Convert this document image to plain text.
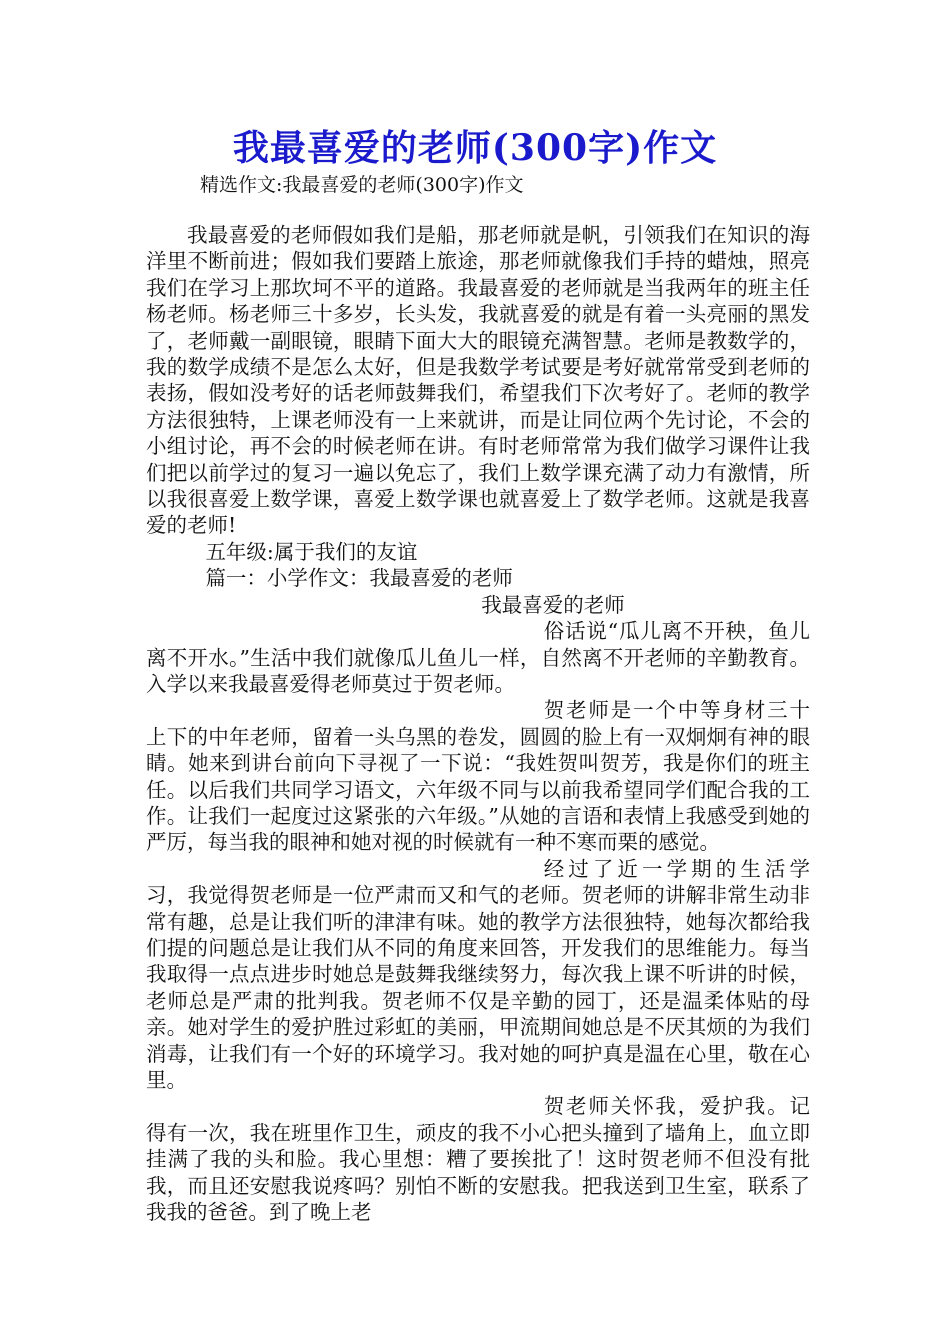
我最喜爱的老师(300字)作文
精选作文:我最喜爱的老师(300字)作文

我最喜爱的老师假如我们是船，那老师就是帆，引领我们在知识的海洋里不断前进；假如我们要踏上旅途，那老师就像我们手持的蜡烛，照亮我们在学习上那坎坷不平的道路。我最喜爱的老师就是当我两年的班主任杨老师。杨老师三十多岁，长头发，我就喜爱的就是有着一头亮丽的黑发了，老师戴一副眼镜，眼睛下面大大的眼镜充满智慧。老师是教数学的，我的数学成绩不是怎么太好，但是我数学考试要是考好就常常受到老师的表扬，假如没考好的话老师鼓舞我们，希望我们下次考好了。老师的教学方法很独特，上课老师没有一上来就讲，而是让同位两个先讨论，不会的小组讨论，再不会的时候老师在讲。有时老师常常为我们做学习课件让我们把以前学过的复习一遍以免忘了，我们上数学课充满了动力有激情，所以我很喜爱上数学课，喜爱上数学课也就喜爱上了数学老师。这就是我喜爱的老师!

五年级:属于我们的友谊

篇一：小学作文：我最喜爱的老师

我最喜爱的老师

俗话说“瓜儿离不开秧，鱼儿离不开水。”生活中我们就像瓜儿鱼儿一样，自然离不开老师的辛勤教育。入学以来我最喜爱得老师莫过于贺老师。

贺老师是一个中等身材三十上下的中年老师，留着一头乌黑的卷发，圆圆的脸上有一双炯炯有神的眼睛。她来到讲台前向下寻视了一下说：“我姓贺叫贺芳，我是你们的班主任。以后我们共同学习语文，六年级不同与以前我希望同学们配合我的工作。让我们一起度过这紧张的六年级。”从她的言语和表情上我感受到她的严厉，每当我的眼神和她对视的时候就有一种不寒而栗的感觉。

经过了近一学期的生活学习，我觉得贺老师是一位严肃而又和气的老师。贺老师的讲解非常生动非常有趣，总是让我们听的津津有味。她的教学方法很独特，她每次都给我们提的问题总是让我们从不同的角度来回答，开发我们的思维能力。每当我取得一点点进步时她总是鼓舞我继续努力，每次我上课不听讲的时候，老师总是严肃的批判我。贺老师不仅是辛勤的园丁，还是温柔体贴的母亲。她对学生的爱护胜过彩虹的美丽，甲流期间她总是不厌其烦的为我们消毒，让我们有一个好的环境学习。我对她的呵护真是温在心里，敬在心里。

贺老师关怀我，爱护我。记得有一次，我在班里作卫生，顽皮的我不小心把头撞到了墙角上，血立即挂满了我的头和脸。我心里想：糟了要挨批了！这时贺老师不但没有批我，而且还安慰我说疼吗？别怕不断的安慰我。把我送到卫生室，联系了我我的爸爸。到了晚上老
